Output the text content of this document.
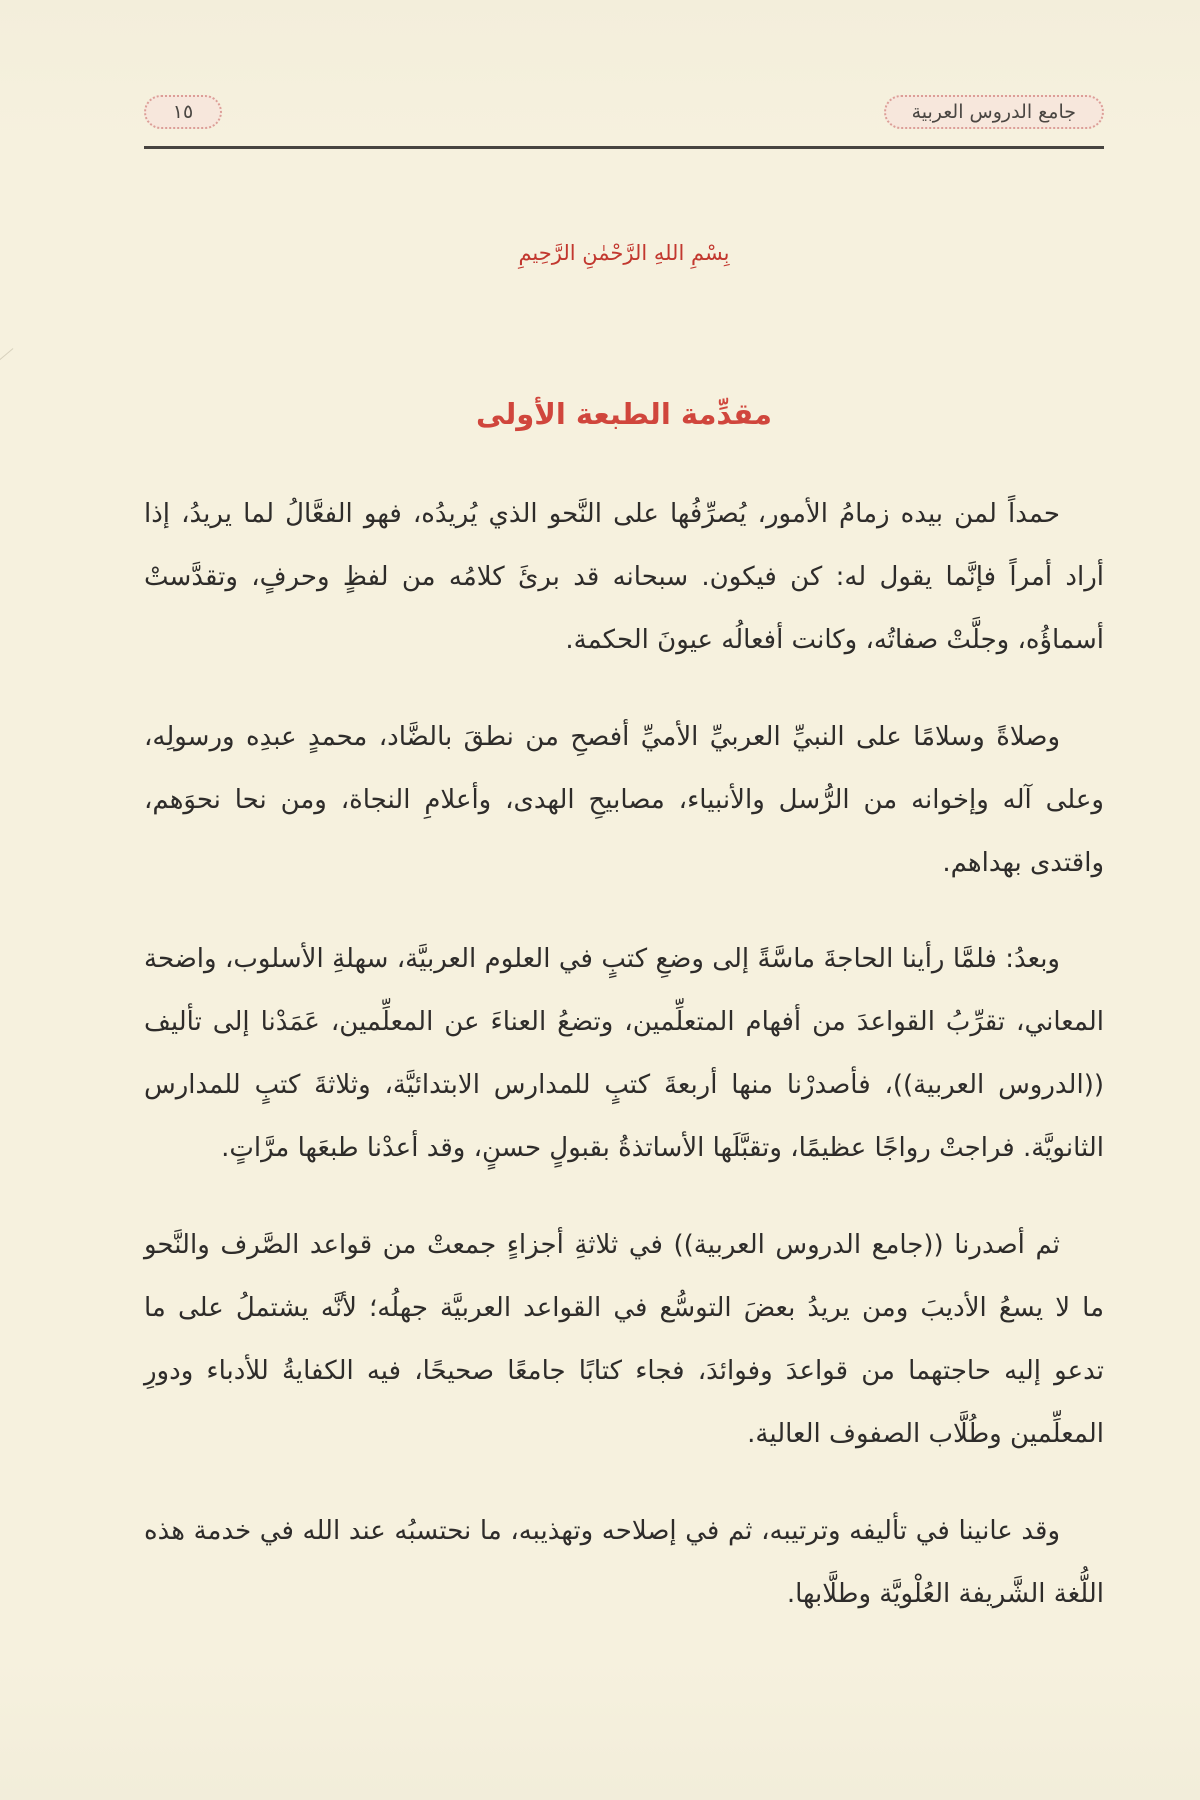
١٥	جامع الدروس العربية
بِسْمِ اللهِ الرَّحْمٰنِ الرَّحِيمِ
مقدِّمة الطبعة الأولى

حمداً لمن بيده زمامُ الأمور، يُصرِّفُها على النَّحو الذي يُريدُه، فهو الفعَّالُ لما يريدُ، إذا أراد أمراً فإنَّما يقول له: كن فيكون. سبحانه قد برئَ كلامُه من لفظٍ وحرفٍ، وتقدَّستْ أسماؤُه، وجلَّتْ صفاتُه، وكانت أفعالُه عيونَ الحكمة.

وصلاةً وسلامًا على النبيِّ العربيِّ الأميِّ أفصحِ من نطقَ بالضَّاد، محمدٍ عبدِه ورسولِه، وعلى آله وإخوانه من الرُّسل والأنبياء، مصابيحِ الهدى، وأعلامِ النجاة، ومن نحا نحوَهم، واقتدى بهداهم.

وبعدُ: فلمَّا رأينا الحاجةَ ماسَّةً إلى وضعِ كتبٍ في العلوم العربيَّة، سهلةِ الأسلوب، واضحة المعاني، تقرِّبُ القواعدَ من أفهام المتعلِّمين، وتضعُ العناءَ عن المعلِّمين، عَمَدْنا إلى تأليف ((الدروس العربية))، فأصدرْنا منها أربعةَ كتبٍ للمدارس الابتدائيَّة، وثلاثةَ كتبٍ للمدارس الثانويَّة. فراجتْ رواجًا عظيمًا، وتقبَّلَها الأساتذةُ بقبولٍ حسنٍ، وقد أعدْنا طبعَها مرَّاتٍ.

ثم أصدرنا ((جامع الدروس العربية)) في ثلاثةِ أجزاءٍ جمعتْ من قواعد الصَّرف والنَّحو ما لا يسعُ الأديبَ ومن يريدُ بعضَ التوسُّع في القواعد العربيَّة جهلُه؛ لأنَّه يشتملُ على ما تدعو إليه حاجتهما من قواعدَ وفوائدَ، فجاء كتابًا جامعًا صحيحًا، فيه الكفايةُ للأدباء ودورِ المعلِّمين وطُلَّاب الصفوف العالية.

وقد عانينا في تأليفه وترتيبه، ثم في إصلاحه وتهذيبه، ما نحتسبُه عند الله في خدمة هذه اللُّغة الشَّريفة العُلْويَّة وطلَّابها.
